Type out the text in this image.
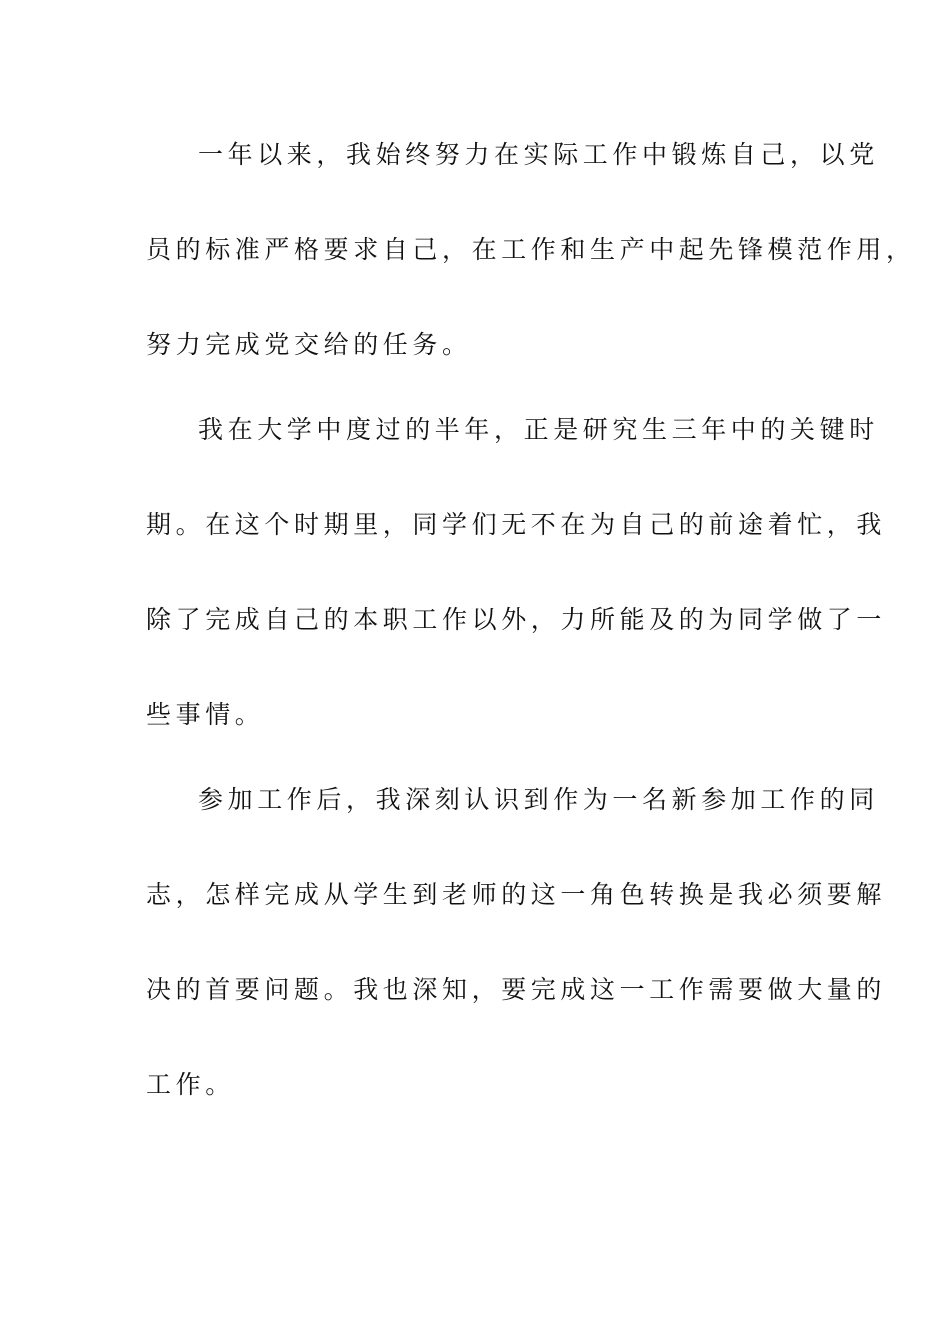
一年以来，我始终努力在实际工作中锻炼自己，以党
员的标准严格要求自己，在工作和生产中起先锋模范作用，
努力完成党交给的任务。
我在大学中度过的半年，正是研究生三年中的关键时
期。在这个时期里，同学们无不在为自己的前途着忙，我
除了完成自己的本职工作以外，力所能及的为同学做了一
些事情。
参加工作后，我深刻认识到作为一名新参加工作的同
志，怎样完成从学生到老师的这一角色转换是我必须要解
决的首要问题。我也深知，要完成这一工作需要做大量的
工作。
